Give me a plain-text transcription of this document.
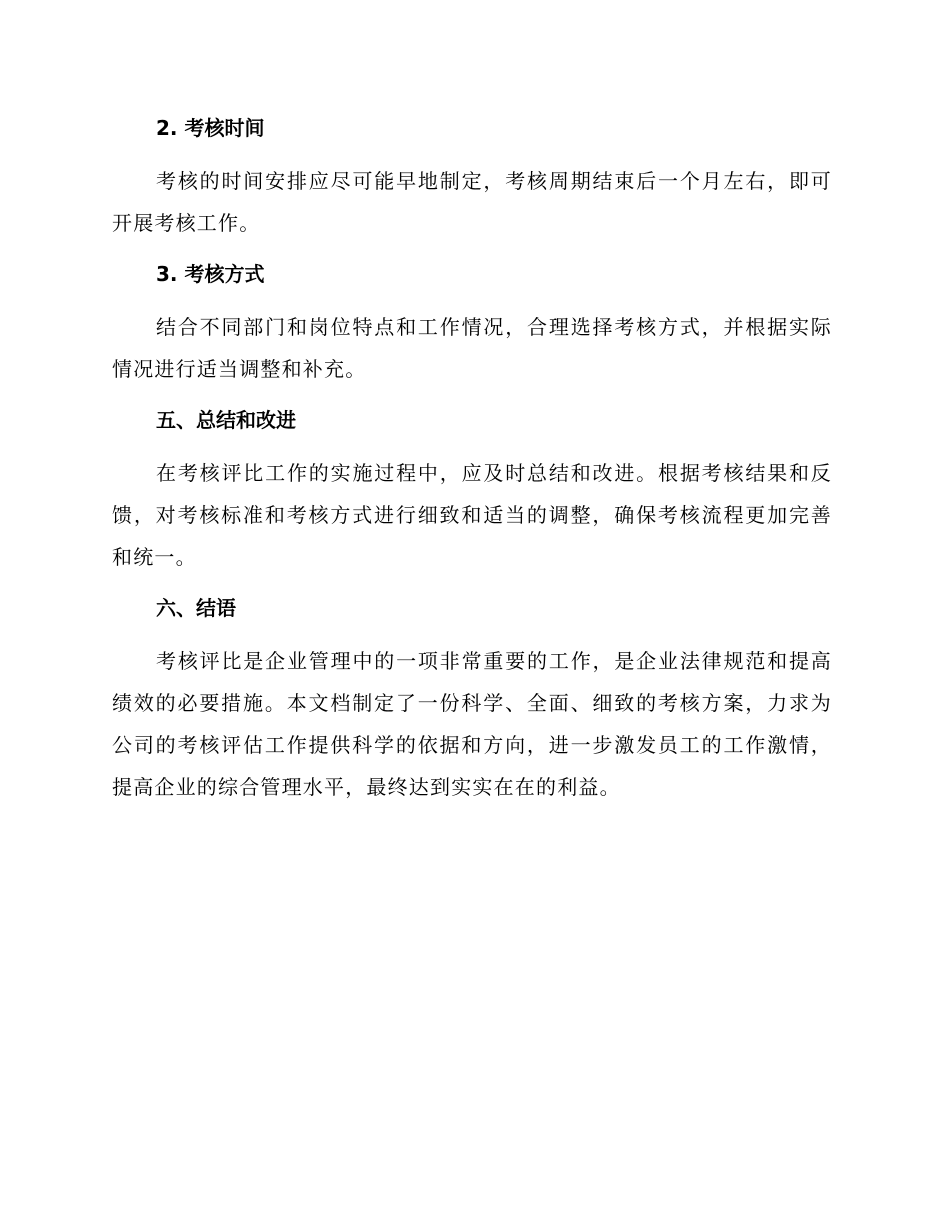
2. 考核时间

考核的时间安排应尽可能早地制定，考核周期结束后一个月左右，即可开展考核工作。

3. 考核方式

结合不同部门和岗位特点和工作情况，合理选择考核方式，并根据实际情况进行适当调整和补充。

五、总结和改进

在考核评比工作的实施过程中，应及时总结和改进。根据考核结果和反馈，对考核标准和考核方式进行细致和适当的调整，确保考核流程更加完善和统一。

六、结语

考核评比是企业管理中的一项非常重要的工作，是企业法律规范和提高绩效的必要措施。本文档制定了一份科学、全面、细致的考核方案，力求为公司的考核评估工作提供科学的依据和方向，进一步激发员工的工作激情，提高企业的综合管理水平，最终达到实实在在的利益。
